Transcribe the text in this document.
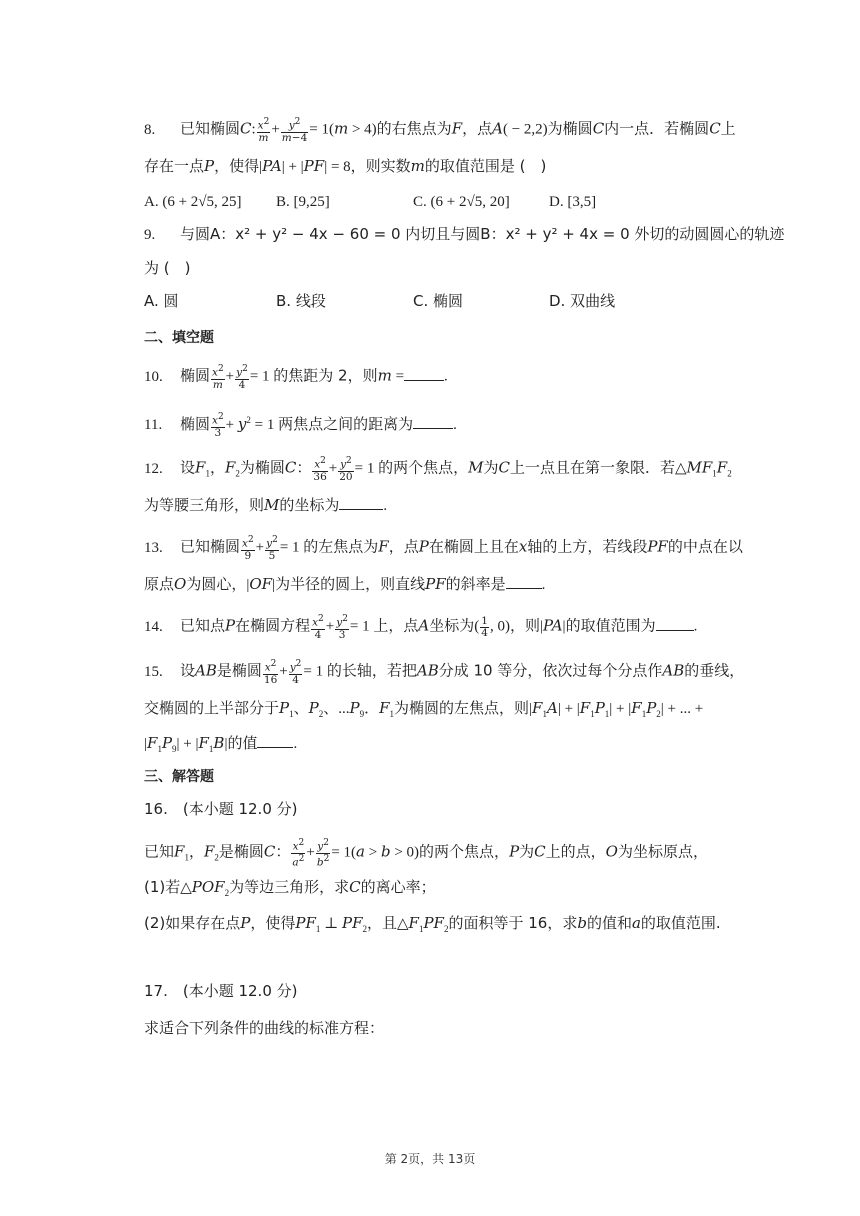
8. 已知椭圆C: $\frac{x^2}{m} + \frac{y^2}{m-4} = 1(m > 4)$的右焦点为F，点A( − 2,2)为椭圆C内一点．若椭圆C上
存在一点P，使得|PA| + |PF| = 8，则实数m的取值范围是 (　)
A. (6 + 2√5, 25] B. [9,25]	C. (6 + 2√5, 20]	D. [3,5]
9. 与圆A：x² + y² − 4x − 60 = 0 内切且与圆B：x² + y² + 4x = 0 外切的动圆圆心的轨迹
为 (　)
A. 圆	B. 线段	C. 椭圆	D. 双曲线
二、填空题
10. 椭圆 $\frac{x^2}{m} + \frac{y^2}{4} = 1$ 的焦距为 2，则m =	.
11. 椭圆 $\frac{x^2}{3} + y^2 = 1$ 两焦点之间的距离为	.
12. 设$F_1$，$F_2$为椭圆C： $\frac{x^2}{36} + \frac{y^2}{20} = 1$ 的两个焦点，M为C上一点且在第一象限．若$\triangle MF_1F_2$
为等腰三角形，则M的坐标为	.
13. 已知椭圆 $\frac{x^2}{9} + \frac{y^2}{5} = 1$ 的左焦点为F，点P在椭圆上且在x轴的上方，若线段PF的中点在以
原点O为圆心，|OF|为半径的圆上，则直线PF的斜率是 .
14. 已知点P在椭圆方程 $\frac{x^2}{4} + \frac{y^2}{3} = 1$ 上，点A坐标为( $\frac{1}{4}$ , 0)，则|PA|的取值范围为	.
15. 设AB是椭圆 $\frac{x^2}{16} + \frac{y^2}{4} = 1$ 的长轴，若把AB分成 10 等分，依次过每个分点作AB的垂线，
交椭圆的上半部分于$P_1$、$P_2$、$...P_9$．$F_1$为椭圆的左焦点，则$|F_1A| + |F_1P_1| + |F_1P_2|$ + ... +
$|F_1P_9| + |F_1B|$的值 .
三、解答题
16.　(本小题 12.0 分)
已知$F_1$，$F_2$是椭圆C： $\frac{x^2}{a^2} + \frac{y^2}{b^2} = 1(a > b > 0)$的两个焦点，P为C上的点，O为坐标原点，
(1)若$\triangle POF_2$为等边三角形，求C的离心率；
(2)如果存在点P，使得$PF_1$ ⊥ $PF_2$，且$\triangle F_1PF_2$的面积等于 16，求b的值和a的取值范围.
17.　(本小题 12.0 分)
求适合下列条件的曲线的标准方程：
第 2页，共 13页
